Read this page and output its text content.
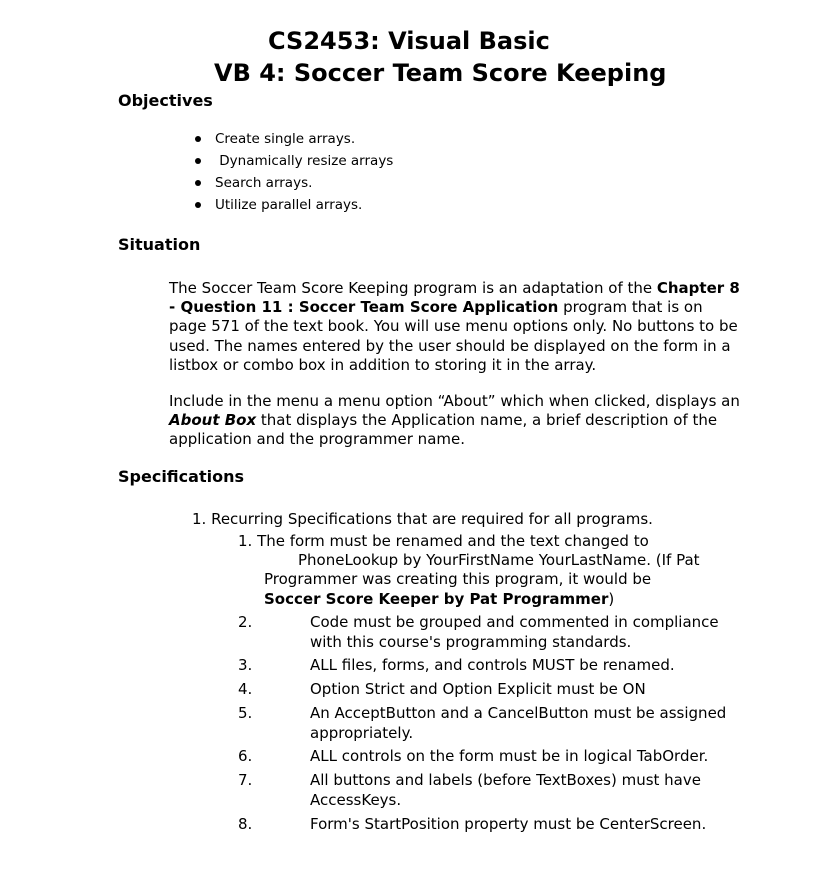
CS2453: Visual Basic
VB 4: Soccer Team Score Keeping
Objectives
Create single arrays.
Dynamically resize arrays
Search arrays.
Utilize parallel arrays.
Situation
The Soccer Team Score Keeping program is an adaptation of the Chapter 8 - Question 11 : Soccer Team Score Application program that is on page 571 of the text book. You will use menu options only. No buttons to be used. The names entered by the user should be displayed on the form in a listbox or combo box in addition to storing it in the array.
Include in the menu a menu option “About” which when clicked, displays an About Box that displays the Application name, a brief description of the application and the programmer name.
Specifications
1. Recurring Specifications that are required for all programs.
1. The form must be renamed and the text changed to
PhoneLookup by YourFirstName YourLastName. (If Pat
Programmer was creating this program, it would be
Soccer Score Keeper by Pat Programmer)
2.	Code must be grouped and commented in compliance with this course's programming standards.
3.	ALL files, forms, and controls MUST be renamed.
4.	Option Strict and Option Explicit must be ON
5.	An AcceptButton and a CancelButton must be assigned appropriately.
6.	ALL controls on the form must be in logical TabOrder.
7.	All buttons and labels (before TextBoxes) must have AccessKeys.
8.	Form's StartPosition property must be CenterScreen.
